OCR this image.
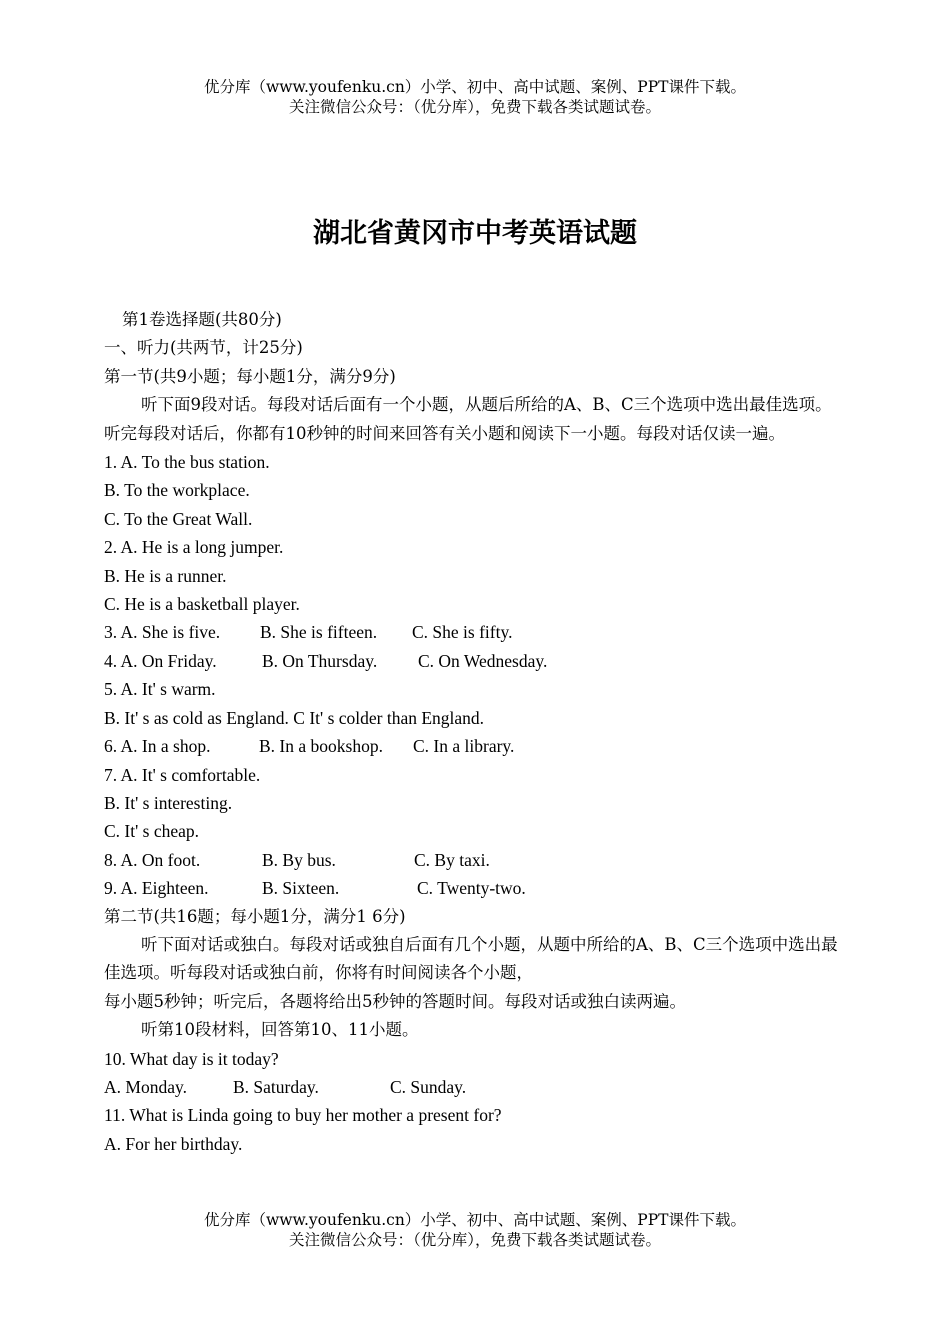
优分库（www.youfenku.cn）小学、初中、高中试题、案例、PPT课件下载。
关注微信公众号：（优分库），免费下载各类试题试卷。
湖北省黄冈市中考英语试题
第1卷选择题(共80分)
一、听力(共两节，计25分)
第一节(共9小题；每小题1分，满分9分)
听下面9段对话。每段对话后面有一个小题，从题后所给的A、B、C三个选项中选出最佳选项。听完每段对话后，你都有10秒钟的时间来回答有关小题和阅读下一小题。每段对话仅读一遍。
1. A. To the bus station.
B. To the workplace.
C. To the Great Wall.
2. A. He is a long jumper.
B. He is a runner.
C. He is a basketball player.
3. A. She is five.	B. She is fifteen.	C. She is fifty.
4. A. On Friday.	B. On Thursday.	C. On Wednesday.
5. A. It' s warm.
B. It' s as cold as England. C It' s colder than England.
6. A. In a shop.	B. In a bookshop.	C. In a library.
7. A. It' s comfortable.
B. It' s interesting.
C. It' s cheap.
8. A. On foot.	B. By bus.	C. By taxi.
9. A. Eighteen.	B. Sixteen.	C. Twenty-two.
第二节(共16题；每小题1分，满分1 6分)
听下面对话或独白。每段对话或独自后面有几个小题，从题中所给的A、B、C三个选项中选出最佳选项。听每段对话或独白前，你将有时间阅读各个小题，
每小题5秒钟；听完后，各题将给出5秒钟的答题时间。每段对话或独白读两遍。
听第10段材料，回答第10、11小题。
10. What day is it today?
A. Monday.	B. Saturday.	C. Sunday.
11. What is Linda going to buy her mother a present for?
A. For her birthday.
优分库（www.youfenku.cn）小学、初中、高中试题、案例、PPT课件下载。
关注微信公众号：（优分库），免费下载各类试题试卷。
